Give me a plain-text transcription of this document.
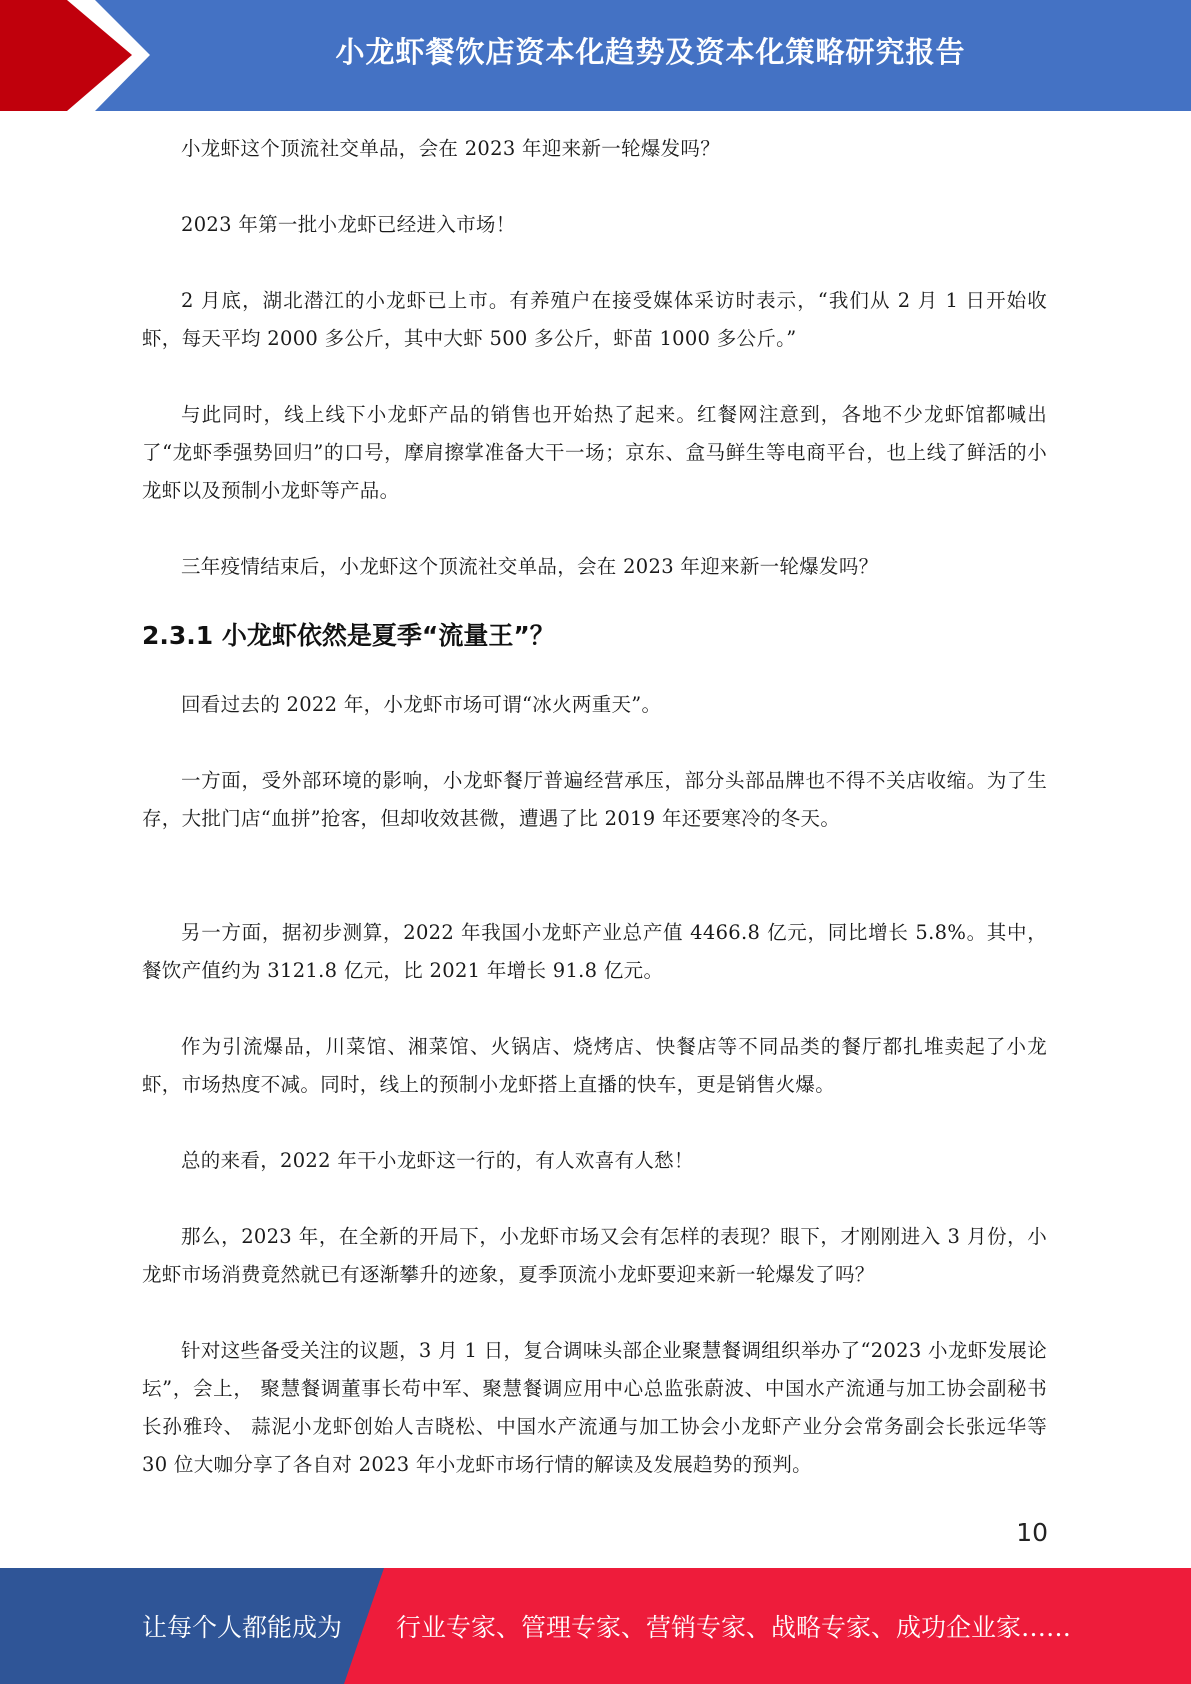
小龙虾餐饮店资本化趋势及资本化策略研究报告

小龙虾这个顶流社交单品，会在 2023 年迎来新一轮爆发吗？

2023 年第一批小龙虾已经进入市场！

2 月底，湖北潜江的小龙虾已上市。有养殖户在接受媒体采访时表示，“我们从 2 月 1 日开始收虾，每天平均 2000 多公斤，其中大虾 500 多公斤，虾苗 1000 多公斤。”

与此同时，线上线下小龙虾产品的销售也开始热了起来。红餐网注意到，各地不少龙虾馆都喊出了“龙虾季强势回归”的口号，摩肩擦掌准备大干一场；京东、盒马鲜生等电商平台，也上线了鲜活的小龙虾以及预制小龙虾等产品。

三年疫情结束后，小龙虾这个顶流社交单品，会在 2023 年迎来新一轮爆发吗？

2.3.1 小龙虾依然是夏季“流量王”？

回看过去的 2022 年，小龙虾市场可谓“冰火两重天”。

一方面，受外部环境的影响，小龙虾餐厅普遍经营承压，部分头部品牌也不得不关店收缩。为了生存，大批门店“血拼”抢客，但却收效甚微，遭遇了比 2019 年还要寒冷的冬天。

另一方面，据初步测算，2022 年我国小龙虾产业总产值 4466.8 亿元，同比增长 5.8%。其中，餐饮产值约为 3121.8 亿元，比 2021 年增长 91.8 亿元。

作为引流爆品，川菜馆、湘菜馆、火锅店、烧烤店、快餐店等不同品类的餐厅都扎堆卖起了小龙虾，市场热度不减。同时，线上的预制小龙虾搭上直播的快车，更是销售火爆。

总的来看，2022 年干小龙虾这一行的，有人欢喜有人愁！

那么，2023 年，在全新的开局下，小龙虾市场又会有怎样的表现？眼下，才刚刚进入 3 月份，小龙虾市场消费竟然就已有逐渐攀升的迹象，夏季顶流小龙虾要迎来新一轮爆发了吗？

针对这些备受关注的议题，3 月 1 日，复合调味头部企业聚慧餐调组织举办了“2023 小龙虾发展论坛”，会上， 聚慧餐调董事长苟中军、聚慧餐调应用中心总监张蔚波、中国水产流通与加工协会副秘书长孙雅玲、 蒜泥小龙虾创始人吉晓松、中国水产流通与加工协会小龙虾产业分会常务副会长张远华等 30 位大咖分享了各自对 2023 年小龙虾市场行情的解读及发展趋势的预判。

10
让每个人都能成为 行业专家、管理专家、营销专家、战略专家、成功企业家……
